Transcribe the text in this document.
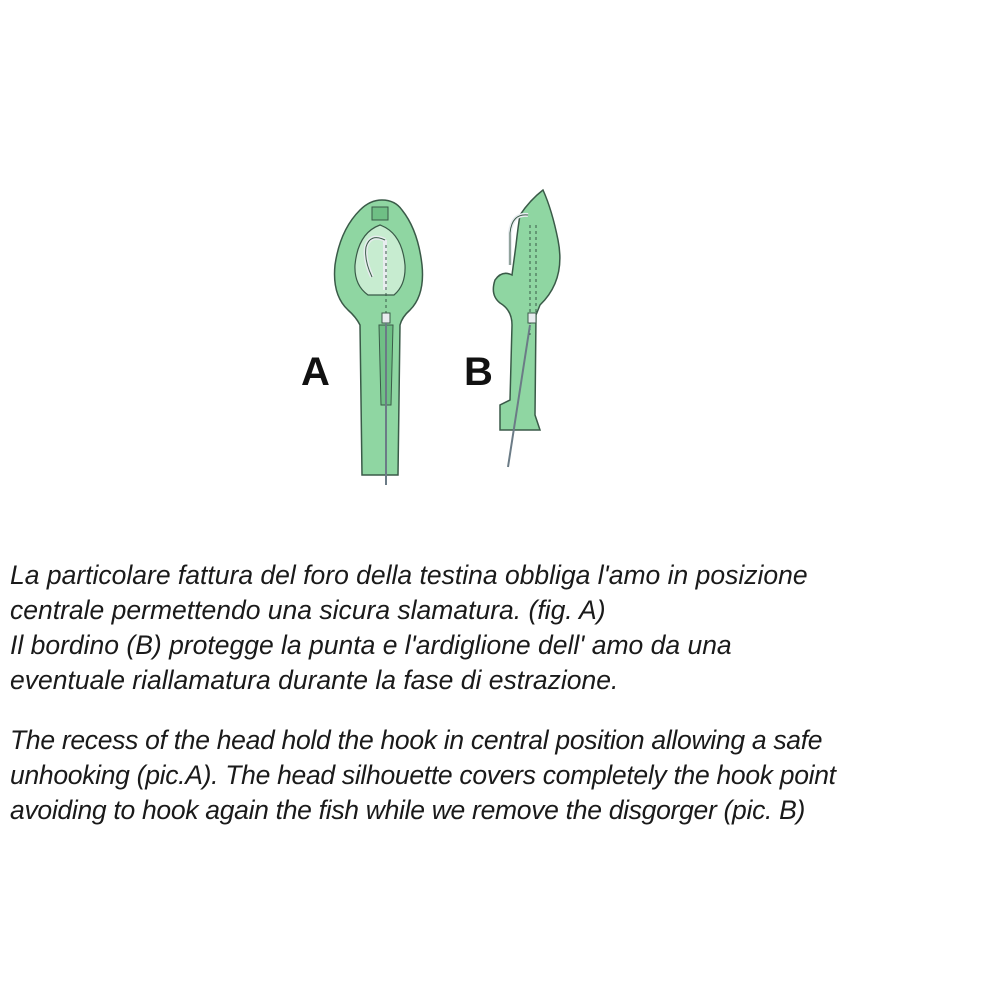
A	B

La particolare fattura del foro della testina obbliga l'amo in posizione

centrale permettendo una sicura slamatura. (fig. A)

Il bordino (B) protegge la punta e l'ardiglione dell' amo da una

eventuale riallamatura durante la fase di estrazione.

The recess of the head hold the hook in central position allowing a safe

unhooking (pic.A). The head silhouette covers completely the hook point

avoiding to hook again the fish while we remove the disgorger (pic. B)
